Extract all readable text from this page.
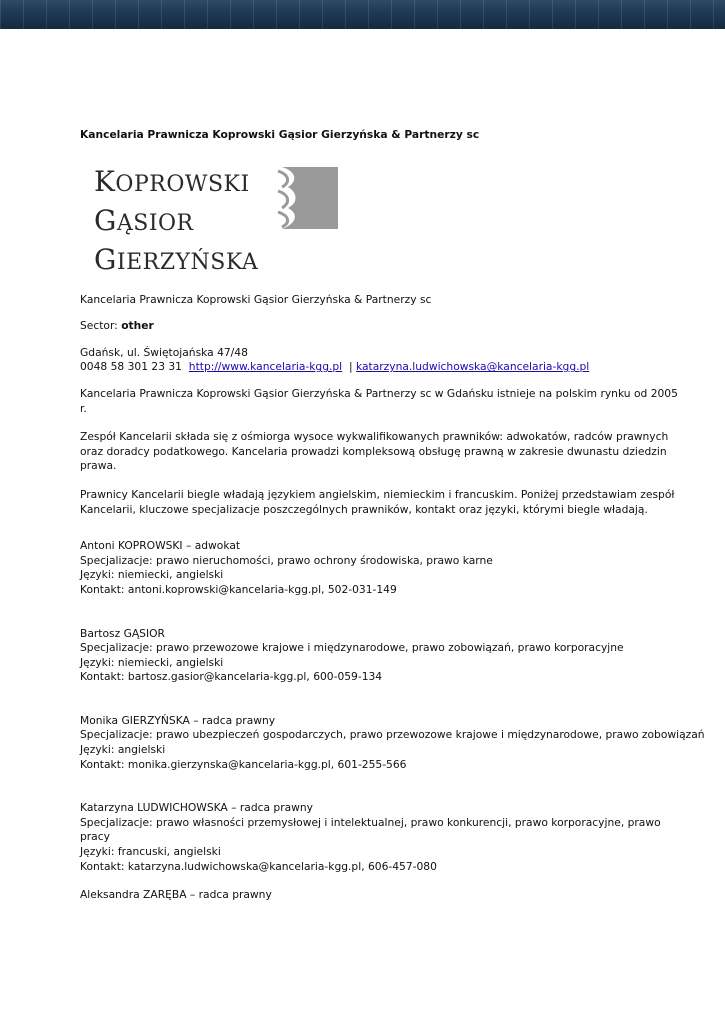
Kancelaria Prawnicza Koprowski Gąsior Gierzyńska & Partnerzy sc

KOPROWSKI
GĄSIOR
GIERZYŃSKA

Kancelaria Prawnicza Koprowski Gąsior Gierzyńska & Partnerzy sc

Sector: other

Gdańsk, ul. Świętojańska 47/48

0048 58 301 23 31 http://www.kancelaria-kgg.pl | katarzyna.ludwichowska@kancelaria-kgg.pl

Kancelaria Prawnicza Koprowski Gąsior Gierzyńska & Partnerzy sc w Gdańsku istnieje na polskim rynku od 2005 r.

Zespół Kancelarii składa się z ośmiorga wysoce wykwalifikowanych prawników: adwokatów, radców prawnych oraz doradcy podatkowego. Kancelaria prowadzi kompleksową obsługę prawną w zakresie dwunastu dziedzin prawa.

Prawnicy Kancelarii biegle władają językiem angielskim, niemieckim i francuskim. Poniżej przedstawiam zespół Kancelarii, kluczowe specjalizacje poszczególnych prawników, kontakt oraz języki, którymi biegle władają.

Antoni KOPROWSKI – adwokat
Specjalizacje: prawo nieruchomości, prawo ochrony środowiska, prawo karne
Języki: niemiecki, angielski
Kontakt: antoni.koprowski@kancelaria-kgg.pl, 502-031-149
Bartosz GĄSIOR
Specjalizacje: prawo przewozowe krajowe i międzynarodowe, prawo zobowiązań, prawo korporacyjne
Języki: niemiecki, angielski
Kontakt: bartosz.gasior@kancelaria-kgg.pl, 600-059-134
Monika GIERZYŃSKA – radca prawny
Specjalizacje: prawo ubezpieczeń gospodarczych, prawo przewozowe krajowe i międzynarodowe, prawo zobowiązań
Języki: angielski
Kontakt: monika.gierzynska@kancelaria-kgg.pl, 601-255-566
Katarzyna LUDWICHOWSKA – radca prawny
Specjalizacje: prawo własności przemysłowej i intelektualnej, prawo konkurencji, prawo korporacyjne, prawo pracy
Języki: francuski, angielski
Kontakt: katarzyna.ludwichowska@kancelaria-kgg.pl, 606-457-080
Aleksandra ZARĘBA – radca prawny
